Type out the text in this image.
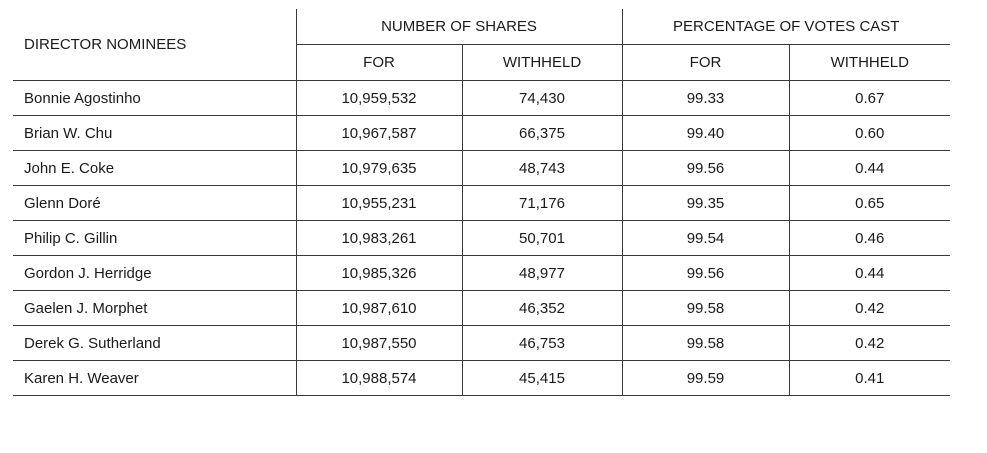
DIRECTOR NOMINEES	NUMBER OF SHARES		PERCENTAGE OF VOTES CAST	
	FOR	WITHHELD	FOR	WITHHELD
Bonnie Agostinho	10,959,532	74,430	99.33	0.67
Brian W. Chu	10,967,587	66,375	99.40	0.60
John E. Coke	10,979,635	48,743	99.56	0.44
Glenn Doré	10,955,231	71,176	99.35	0.65
Philip C. Gillin	10,983,261	50,701	99.54	0.46
Gordon J. Herridge	10,985,326	48,977	99.56	0.44
Gaelen J. Morphet	10,987,610	46,352	99.58	0.42
Derek G. Sutherland	10,987,550	46,753	99.58	0.42
Karen H. Weaver	10,988,574	45,415	99.59	0.41
